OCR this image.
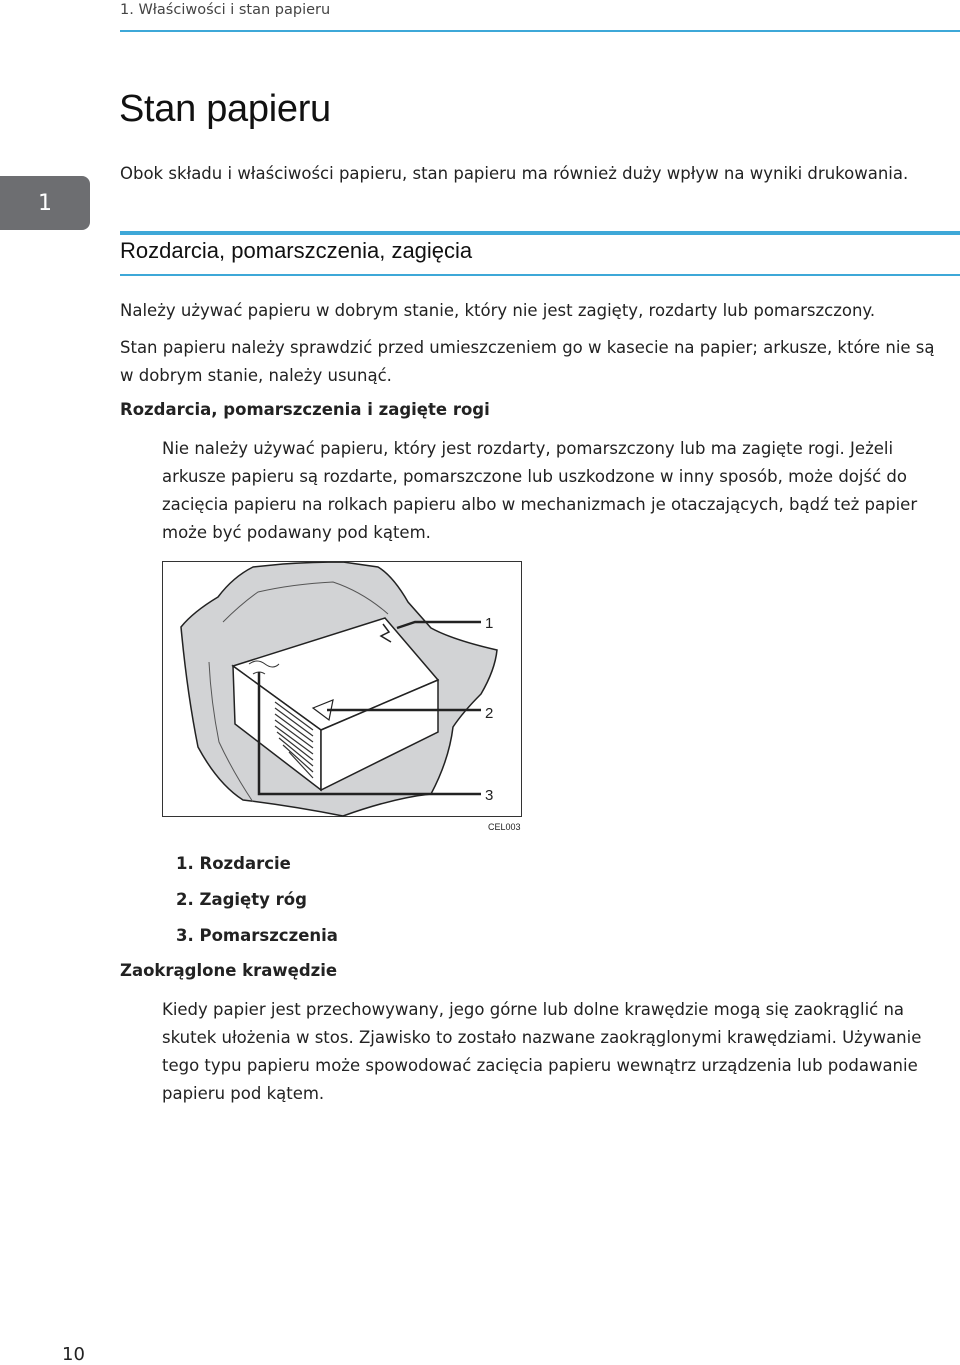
1. Właściwości i stan papieru
1
Stan papieru

Obok składu i właściwości papieru, stan papieru ma również duży wpływ na wyniki drukowania.

Rozdarcia, pomarszczenia, zagięcia

Należy używać papieru w dobrym stanie, który nie jest zagięty, rozdarty lub pomarszczony.

Stan papieru należy sprawdzić przed umieszczeniem go w kasecie na papier; arkusze, które nie są w dobrym stanie, należy usunąć.

Rozdarcia, pomarszczenia i zagięte rogi

Nie należy używać papieru, który jest rozdarty, pomarszczony lub ma zagięte rogi. Jeżeli arkusze papieru są rozdarte, pomarszczone lub uszkodzone w inny sposób, może dojść do zacięcia papieru na rolkach papieru albo w mechanizmach je otaczających, bądź też papier może być podawany pod kątem.

1
2
3
CEL003
1. Rozdarcie
2. Zagięty róg
3. Pomarszczenia
Zaokrąglone krawędzie

Kiedy papier jest przechowywany, jego górne lub dolne krawędzie mogą się zaokrąglić na skutek ułożenia w stos. Zjawisko to zostało nazwane zaokrąglonymi krawędziami. Używanie tego typu papieru może spowodować zacięcia papieru wewnątrz urządzenia lub podawanie papieru pod kątem.

10
